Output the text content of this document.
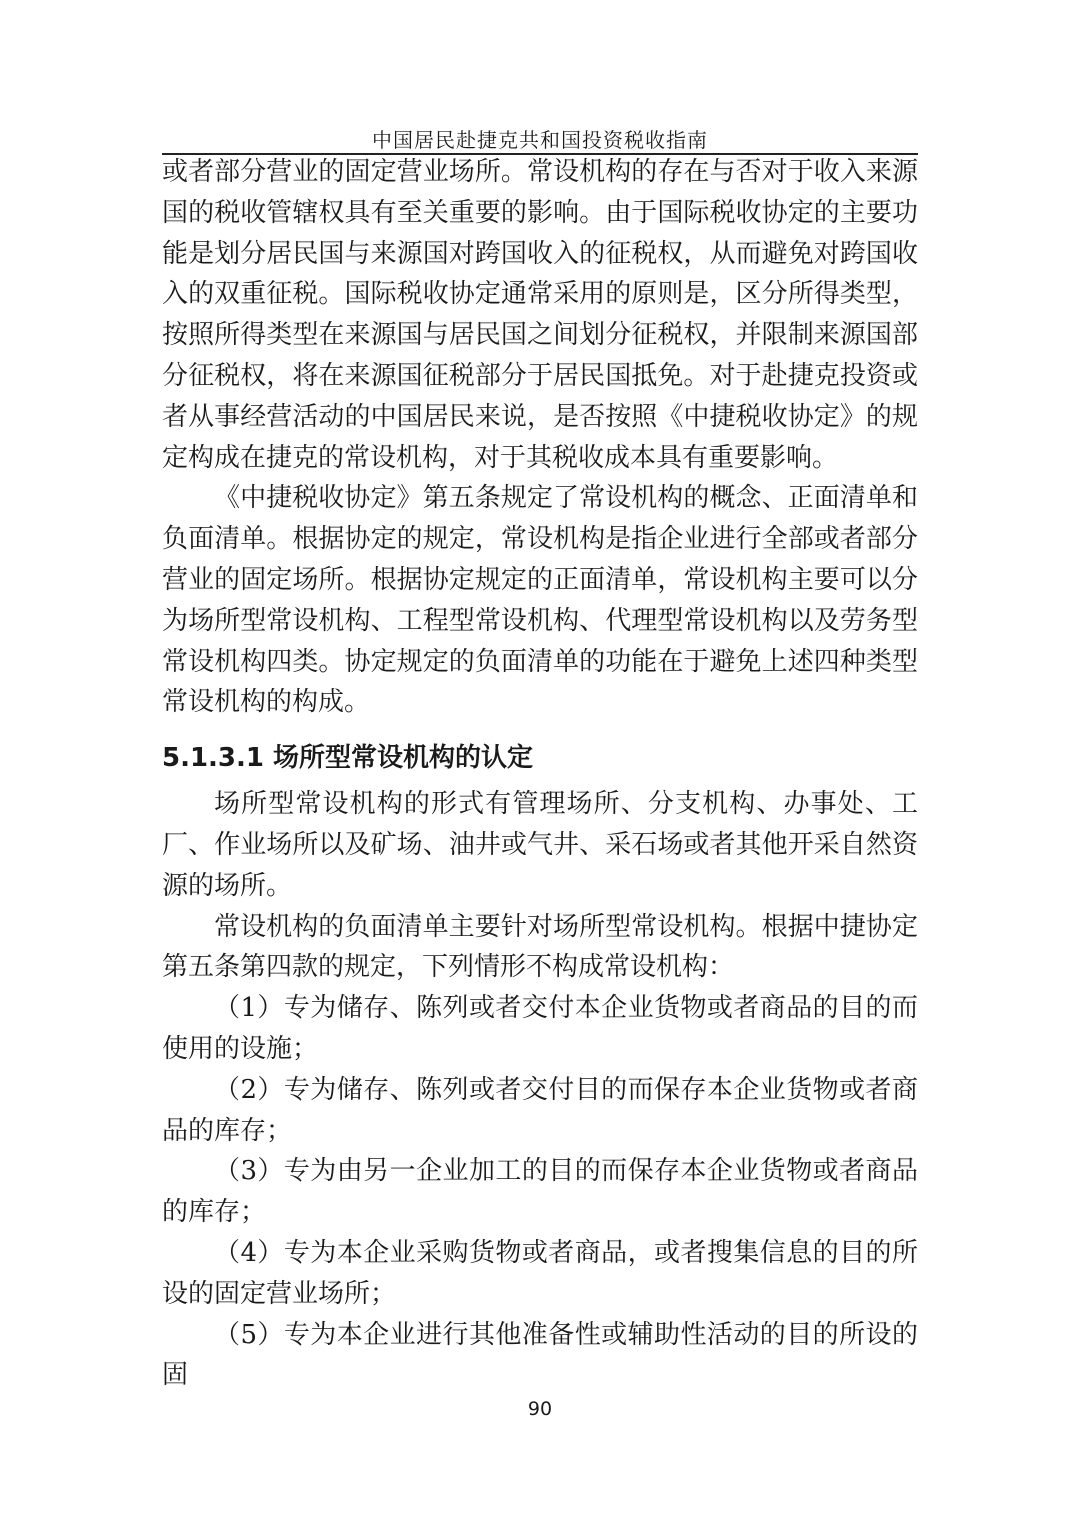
中国居民赴捷克共和国投资税收指南

或者部分营业的固定营业场所。常设机构的存在与否对于收入来源国的税收管辖权具有至关重要的影响。由于国际税收协定的主要功能是划分居民国与来源国对跨国收入的征税权，从而避免对跨国收入的双重征税。国际税收协定通常采用的原则是，区分所得类型，按照所得类型在来源国与居民国之间划分征税权，并限制来源国部分征税权，将在来源国征税部分于居民国抵免。对于赴捷克投资或者从事经营活动的中国居民来说，是否按照《中捷税收协定》的规定构成在捷克的常设机构，对于其税收成本具有重要影响。

《中捷税收协定》第五条规定了常设机构的概念、正面清单和负面清单。根据协定的规定，常设机构是指企业进行全部或者部分营业的固定场所。根据协定规定的正面清单，常设机构主要可以分为场所型常设机构、工程型常设机构、代理型常设机构以及劳务型常设机构四类。协定规定的负面清单的功能在于避免上述四种类型常设机构的构成。

5.1.3.1 场所型常设机构的认定

场所型常设机构的形式有管理场所、分支机构、办事处、工厂、作业场所以及矿场、油井或气井、采石场或者其他开采自然资源的场所。

常设机构的负面清单主要针对场所型常设机构。根据中捷协定第五条第四款的规定，下列情形不构成常设机构：

（1）专为储存、陈列或者交付本企业货物或者商品的目的而使用的设施；

（2）专为储存、陈列或者交付目的而保存本企业货物或者商品的库存；

（3）专为由另一企业加工的目的而保存本企业货物或者商品的库存；

（4）专为本企业采购货物或者商品，或者搜集信息的目的所设的固定营业场所；

（5）专为本企业进行其他准备性或辅助性活动的目的所设的固

90
